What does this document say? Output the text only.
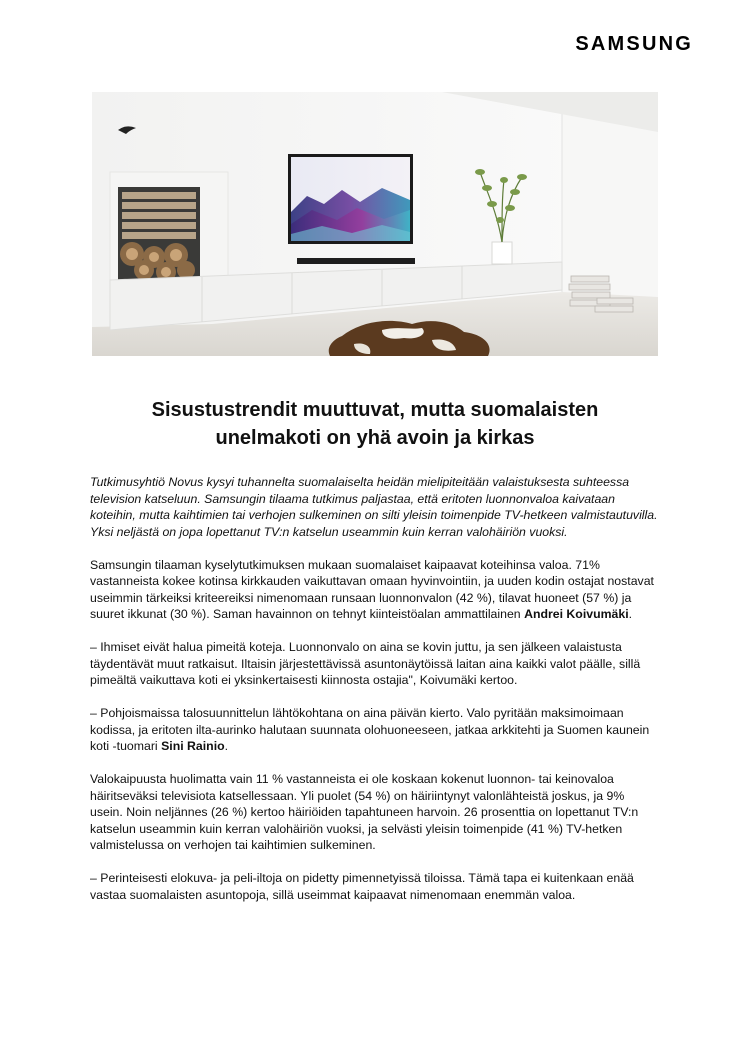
SAMSUNG
Sisustustrendit muuttuvat, mutta suomalaisten
unelmakoti on yhä avoin ja kirkas

Tutkimusyhtiö Novus kysyi tuhannelta suomalaiselta heidän mielipiteitään valaistuksesta suhteessa television katseluun. Samsungin tilaama tutkimus paljastaa, että eritoten luonnonvaloa kaivataan koteihin, mutta kaihtimien tai verhojen sulkeminen on silti yleisin toimenpide TV-hetkeen valmistautuvilla. Yksi neljästä on jopa lopettanut TV:n katselun useammin kuin kerran valohäiriön vuoksi.

Samsungin tilaaman kyselytutkimuksen mukaan suomalaiset kaipaavat koteihinsa valoa. 71% vastanneista kokee kotinsa kirkkauden vaikuttavan omaan hyvinvointiin, ja uuden kodin ostajat nostavat useimmin tärkeiksi kriteereiksi nimenomaan runsaan luonnonvalon (42 %), tilavat huoneet (57 %) ja suuret ikkunat (30 %). Saman havainnon on tehnyt kiinteistöalan ammattilainen Andrei Koivumäki.

– Ihmiset eivät halua pimeitä koteja. Luonnonvalo on aina se kovin juttu, ja sen jälkeen valaistusta täydentävät muut ratkaisut. Iltaisin järjestettävissä asuntonäytöissä laitan aina kaikki valot päälle, sillä pimeältä vaikuttava koti ei yksinkertaisesti kiinnosta ostajia", Koivumäki kertoo.

– Pohjoismaissa talosuunnittelun lähtökohtana on aina päivän kierto. Valo pyritään maksimoimaan kodissa, ja eritoten ilta-aurinko halutaan suunnata olohuoneeseen, jatkaa arkkitehti ja Suomen kaunein koti -tuomari Sini Rainio.

Valokaipuusta huolimatta vain 11 % vastanneista ei ole koskaan kokenut luonnon- tai keinovaloa häiritseväksi televisiota katsellessaan. Yli puolet (54 %) on häiriintynyt valonlähteistä joskus, ja 9% usein. Noin neljännes (26 %) kertoo häiriöiden tapahtuneen harvoin. 26 prosenttia on lopettanut TV:n katselun useammin kuin kerran valohäiriön vuoksi, ja selvästi yleisin toimenpide (41 %) TV-hetken valmistelussa on verhojen tai kaihtimien sulkeminen.

– Perinteisesti elokuva- ja peli-iltoja on pidetty pimennetyissä tiloissa. Tämä tapa ei kuitenkaan enää vastaa suomalaisten asuntopoja, sillä useimmat kaipaavat nimenomaan enemmän valoa.
